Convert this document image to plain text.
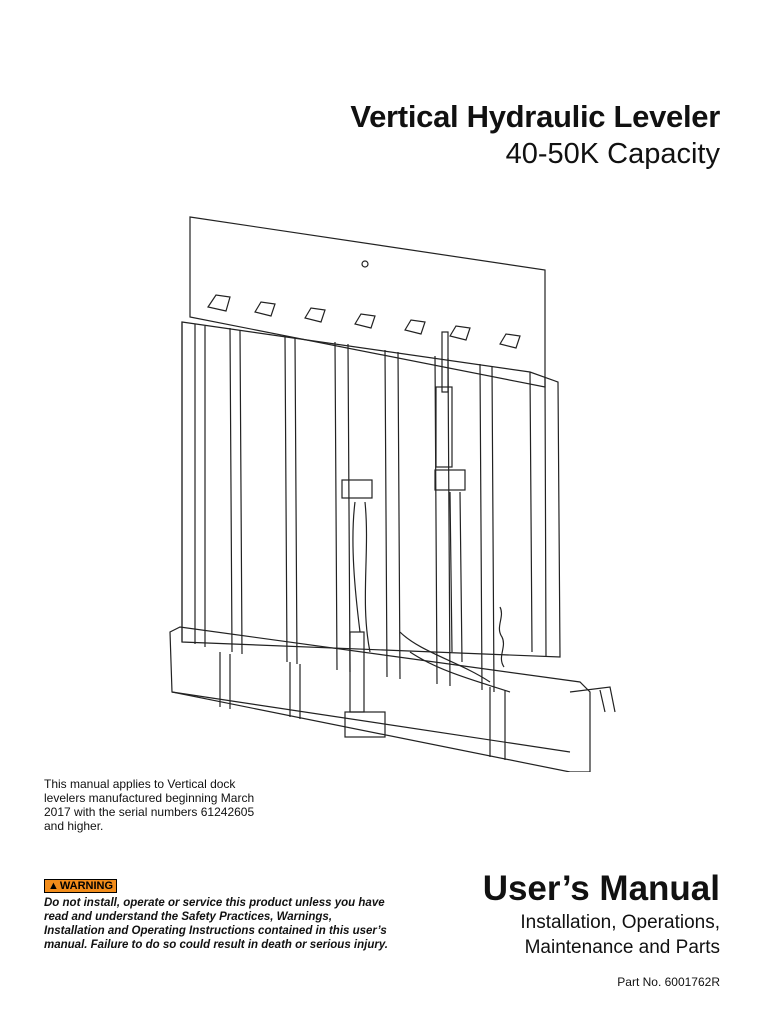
Vertical Hydraulic Leveler
40-50K Capacity
This manual applies to Vertical dock levelers manufactured beginning March 2017 with the serial numbers 61242605 and higher.
▲WARNING
Do not install, operate or service this product unless you have read and understand the Safety Practices, Warnings, Installation and Operating Instructions contained in this user’s manual. Failure to do so could result in death or serious injury.
User’s Manual
Installation, Operations,
Maintenance and Parts
Part No. 6001762R
